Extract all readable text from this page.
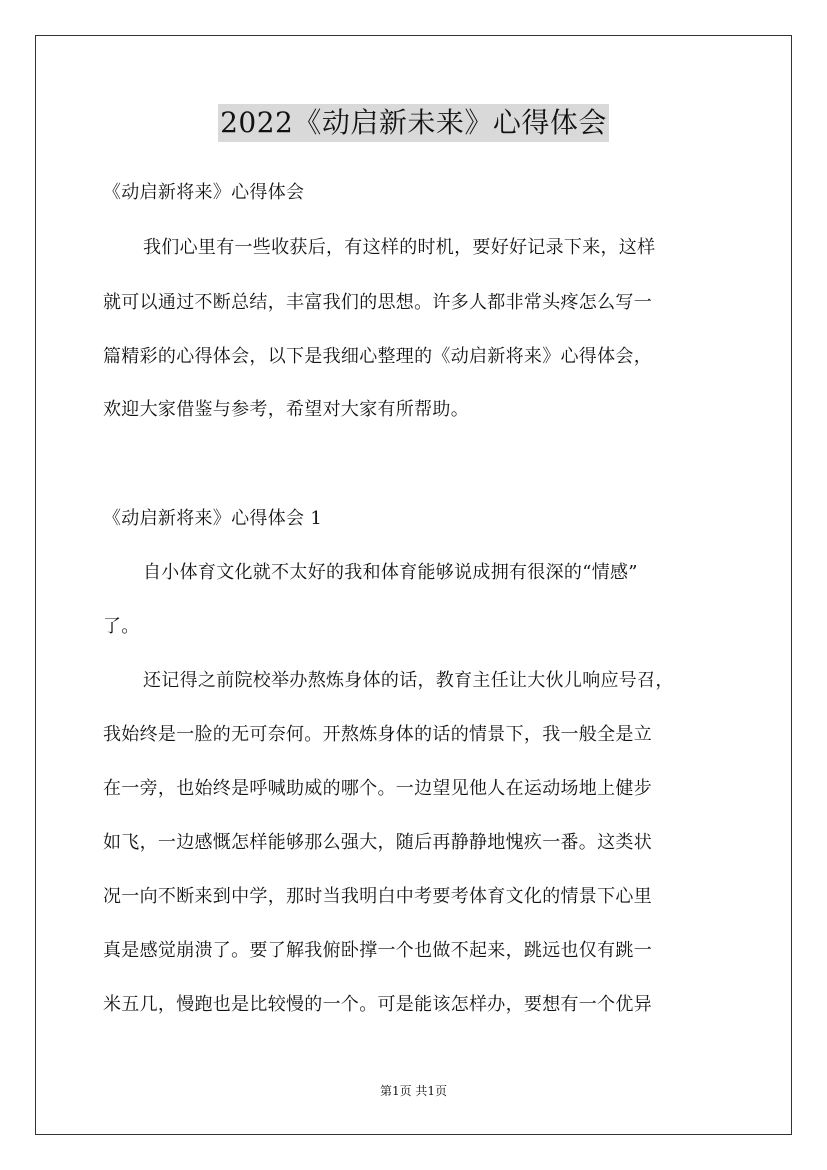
2022《动启新未来》心得体会
《动启新将来》心得体会
我们心里有一些收获后，有这样的时机，要好好记录下来，这样
就可以通过不断总结，丰富我们的思想。许多人都非常头疼怎么写一
篇精彩的心得体会，以下是我细心整理的《动启新将来》心得体会，
欢迎大家借鉴与参考，希望对大家有所帮助。
《动启新将来》心得体会 1
自小体育文化就不太好的我和体育能够说成拥有很深的“情感”
了。
还记得之前院校举办熬炼身体的话，教育主任让大伙儿响应号召，
我始终是一脸的无可奈何。开熬炼身体的话的情景下，我一般全是立
在一旁，也始终是呼喊助威的哪个。一边望见他人在运动场地上健步
如飞，一边感慨怎样能够那么强大，随后再静静地愧疚一番。这类状
况一向不断来到中学，那时当我明白中考要考体育文化的情景下心里
真是感觉崩溃了。要了解我俯卧撑一个也做不起来，跳远也仅有跳一
米五几，慢跑也是比较慢的一个。可是能该怎样办，要想有一个优异
第1页 共1页
